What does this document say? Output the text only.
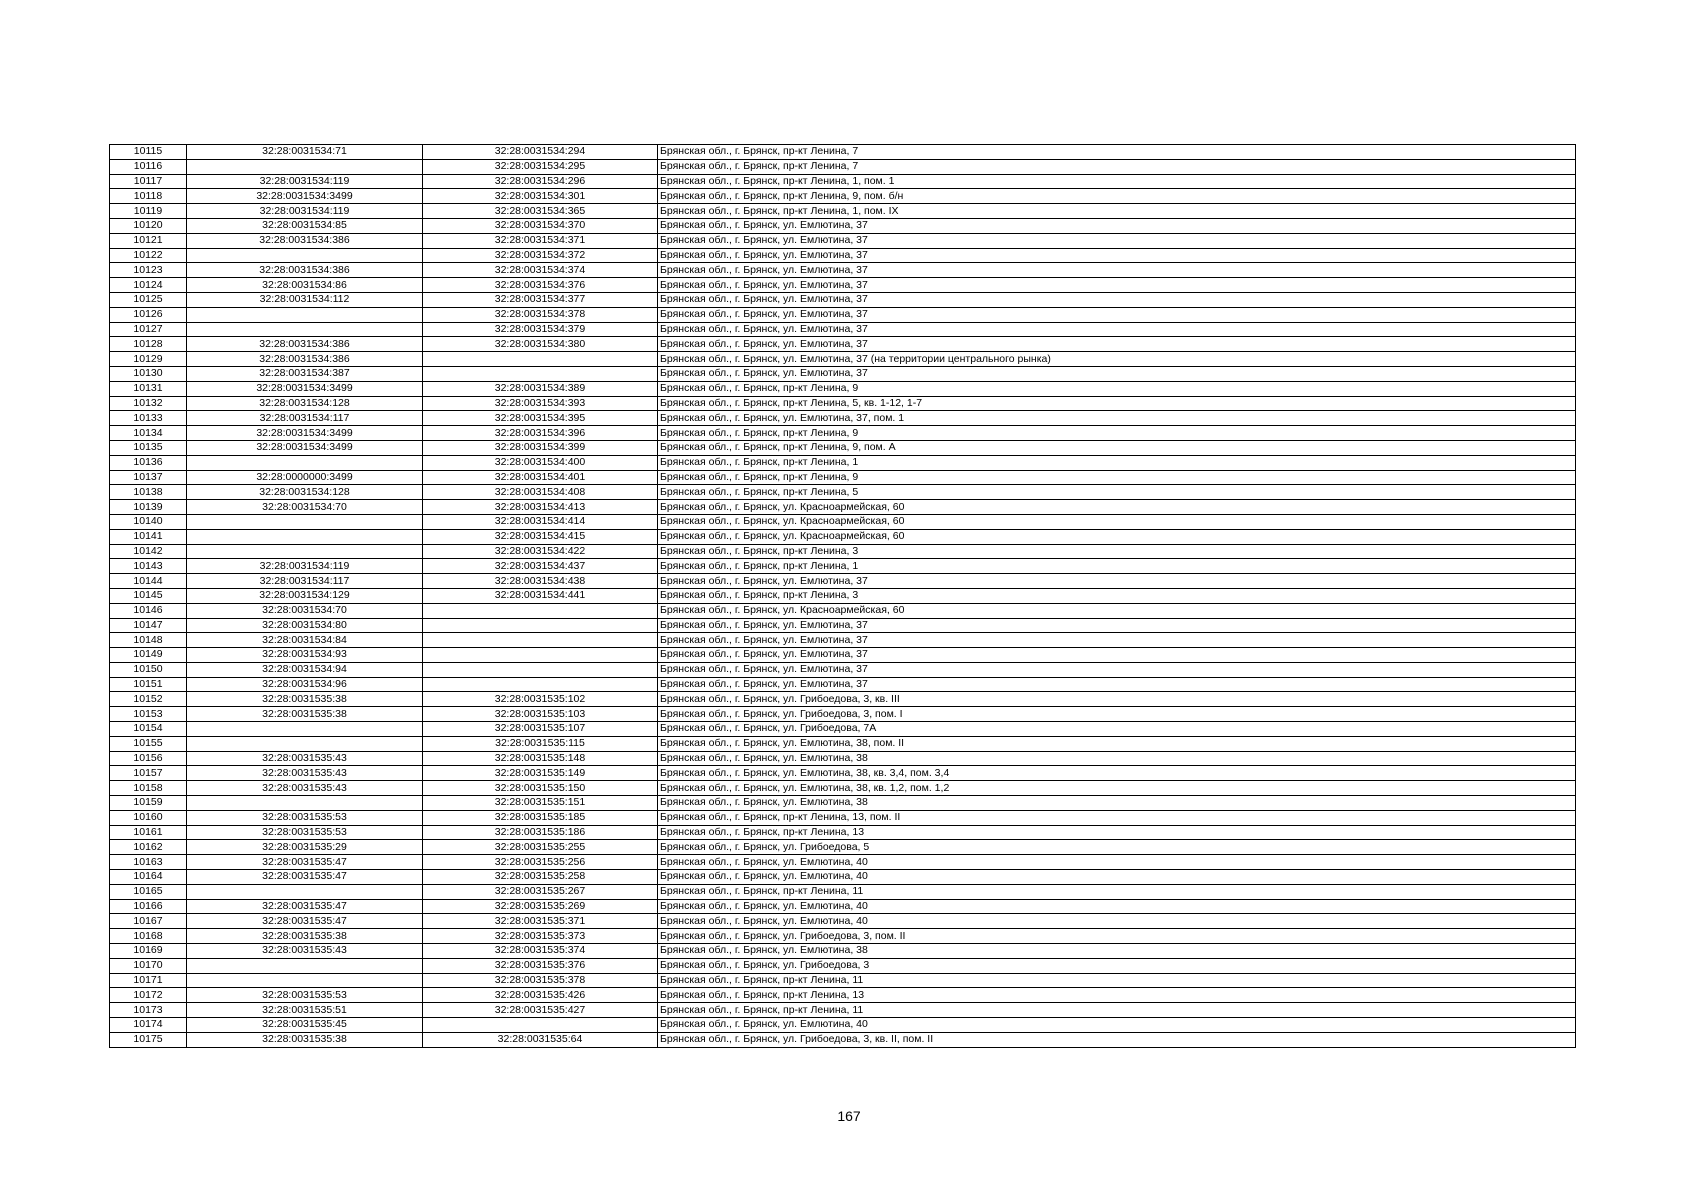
10115	32:28:0031534:71	32:28:0031534:294	Брянская обл., г. Брянск, пр-кт Ленина, 7
10116		32:28:0031534:295	Брянская обл., г. Брянск, пр-кт Ленина, 7
10117	32:28:0031534:119	32:28:0031534:296	Брянская обл., г. Брянск, пр-кт Ленина, 1, пом. 1
10118	32:28:0031534:3499	32:28:0031534:301	Брянская обл., г. Брянск, пр-кт Ленина, 9, пом. б/н
10119	32:28:0031534:119	32:28:0031534:365	Брянская обл., г. Брянск, пр-кт Ленина, 1, пом. IX
10120	32:28:0031534:85	32:28:0031534:370	Брянская обл., г. Брянск, ул. Емлютина, 37
10121	32:28:0031534:386	32:28:0031534:371	Брянская обл., г. Брянск, ул. Емлютина, 37
10122		32:28:0031534:372	Брянская обл., г. Брянск, ул. Емлютина, 37
10123	32:28:0031534:386	32:28:0031534:374	Брянская обл., г. Брянск, ул. Емлютина, 37
10124	32:28:0031534:86	32:28:0031534:376	Брянская обл., г. Брянск, ул. Емлютина, 37
10125	32:28:0031534:112	32:28:0031534:377	Брянская обл., г. Брянск, ул. Емлютина, 37
10126		32:28:0031534:378	Брянская обл., г. Брянск, ул. Емлютина, 37
10127		32:28:0031534:379	Брянская обл., г. Брянск, ул. Емлютина, 37
10128	32:28:0031534:386	32:28:0031534:380	Брянская обл., г. Брянск, ул. Емлютина, 37
10129	32:28:0031534:386		Брянская обл., г. Брянск, ул. Емлютина, 37 (на территории центрального рынка)
10130	32:28:0031534:387		Брянская обл., г. Брянск, ул. Емлютина, 37
10131	32:28:0031534:3499	32:28:0031534:389	Брянская обл., г. Брянск, пр-кт Ленина, 9
10132	32:28:0031534:128	32:28:0031534:393	Брянская обл., г. Брянск, пр-кт Ленина, 5, кв. 1-12, 1-7
10133	32:28:0031534:117	32:28:0031534:395	Брянская обл., г. Брянск, ул. Емлютина, 37, пом. 1
10134	32:28:0031534:3499	32:28:0031534:396	Брянская обл., г. Брянск, пр-кт Ленина, 9
10135	32:28:0031534:3499	32:28:0031534:399	Брянская обл., г. Брянск, пр-кт Ленина, 9, пом. А
10136		32:28:0031534:400	Брянская обл., г. Брянск, пр-кт Ленина, 1
10137	32:28:0000000:3499	32:28:0031534:401	Брянская обл., г. Брянск, пр-кт Ленина, 9
10138	32:28:0031534:128	32:28:0031534:408	Брянская обл., г. Брянск, пр-кт Ленина, 5
10139	32:28:0031534:70	32:28:0031534:413	Брянская обл., г. Брянск, ул. Красноармейская, 60
10140		32:28:0031534:414	Брянская обл., г. Брянск, ул. Красноармейская, 60
10141		32:28:0031534:415	Брянская обл., г. Брянск, ул. Красноармейская, 60
10142		32:28:0031534:422	Брянская обл., г. Брянск, пр-кт Ленина, 3
10143	32:28:0031534:119	32:28:0031534:437	Брянская обл., г. Брянск, пр-кт Ленина, 1
10144	32:28:0031534:117	32:28:0031534:438	Брянская обл., г. Брянск, ул. Емлютина, 37
10145	32:28:0031534:129	32:28:0031534:441	Брянская обл., г. Брянск, пр-кт Ленина, 3
10146	32:28:0031534:70		Брянская обл., г. Брянск, ул. Красноармейская, 60
10147	32:28:0031534:80		Брянская обл., г. Брянск, ул. Емлютина, 37
10148	32:28:0031534:84		Брянская обл., г. Брянск, ул. Емлютина, 37
10149	32:28:0031534:93		Брянская обл., г. Брянск, ул. Емлютина, 37
10150	32:28:0031534:94		Брянская обл., г. Брянск, ул. Емлютина, 37
10151	32:28:0031534:96		Брянская обл., г. Брянск, ул. Емлютина, 37
10152	32:28:0031535:38	32:28:0031535:102	Брянская обл., г. Брянск, ул. Грибоедова, 3, кв. III
10153	32:28:0031535:38	32:28:0031535:103	Брянская обл., г. Брянск, ул. Грибоедова, 3, пом. I
10154		32:28:0031535:107	Брянская обл., г. Брянск, ул. Грибоедова, 7А
10155		32:28:0031535:115	Брянская обл., г. Брянск, ул. Емлютина, 38, пом. II
10156	32:28:0031535:43	32:28:0031535:148	Брянская обл., г. Брянск, ул. Емлютина, 38
10157	32:28:0031535:43	32:28:0031535:149	Брянская обл., г. Брянск, ул. Емлютина, 38, кв. 3,4, пом. 3,4
10158	32:28:0031535:43	32:28:0031535:150	Брянская обл., г. Брянск, ул. Емлютина, 38, кв. 1,2, пом. 1,2
10159		32:28:0031535:151	Брянская обл., г. Брянск, ул. Емлютина, 38
10160	32:28:0031535:53	32:28:0031535:185	Брянская обл., г. Брянск, пр-кт Ленина, 13, пом. II
10161	32:28:0031535:53	32:28:0031535:186	Брянская обл., г. Брянск, пр-кт Ленина, 13
10162	32:28:0031535:29	32:28:0031535:255	Брянская обл., г. Брянск, ул. Грибоедова, 5
10163	32:28:0031535:47	32:28:0031535:256	Брянская обл., г. Брянск, ул. Емлютина, 40
10164	32:28:0031535:47	32:28:0031535:258	Брянская обл., г. Брянск, ул. Емлютина, 40
10165		32:28:0031535:267	Брянская обл., г. Брянск, пр-кт Ленина, 11
10166	32:28:0031535:47	32:28:0031535:269	Брянская обл., г. Брянск, ул. Емлютина, 40
10167	32:28:0031535:47	32:28:0031535:371	Брянская обл., г. Брянск, ул. Емлютина, 40
10168	32:28:0031535:38	32:28:0031535:373	Брянская обл., г. Брянск, ул. Грибоедова, 3, пом. II
10169	32:28:0031535:43	32:28:0031535:374	Брянская обл., г. Брянск, ул. Емлютина, 38
10170		32:28:0031535:376	Брянская обл., г. Брянск, ул. Грибоедова, 3
10171		32:28:0031535:378	Брянская обл., г. Брянск, пр-кт Ленина, 11
10172	32:28:0031535:53	32:28:0031535:426	Брянская обл., г. Брянск, пр-кт Ленина, 13
10173	32:28:0031535:51	32:28:0031535:427	Брянская обл., г. Брянск, пр-кт Ленина, 11
10174	32:28:0031535:45		Брянская обл., г. Брянск, ул. Емлютина, 40
10175	32:28:0031535:38	32:28:0031535:64	Брянская обл., г. Брянск, ул. Грибоедова, 3, кв. II, пом. II
167
